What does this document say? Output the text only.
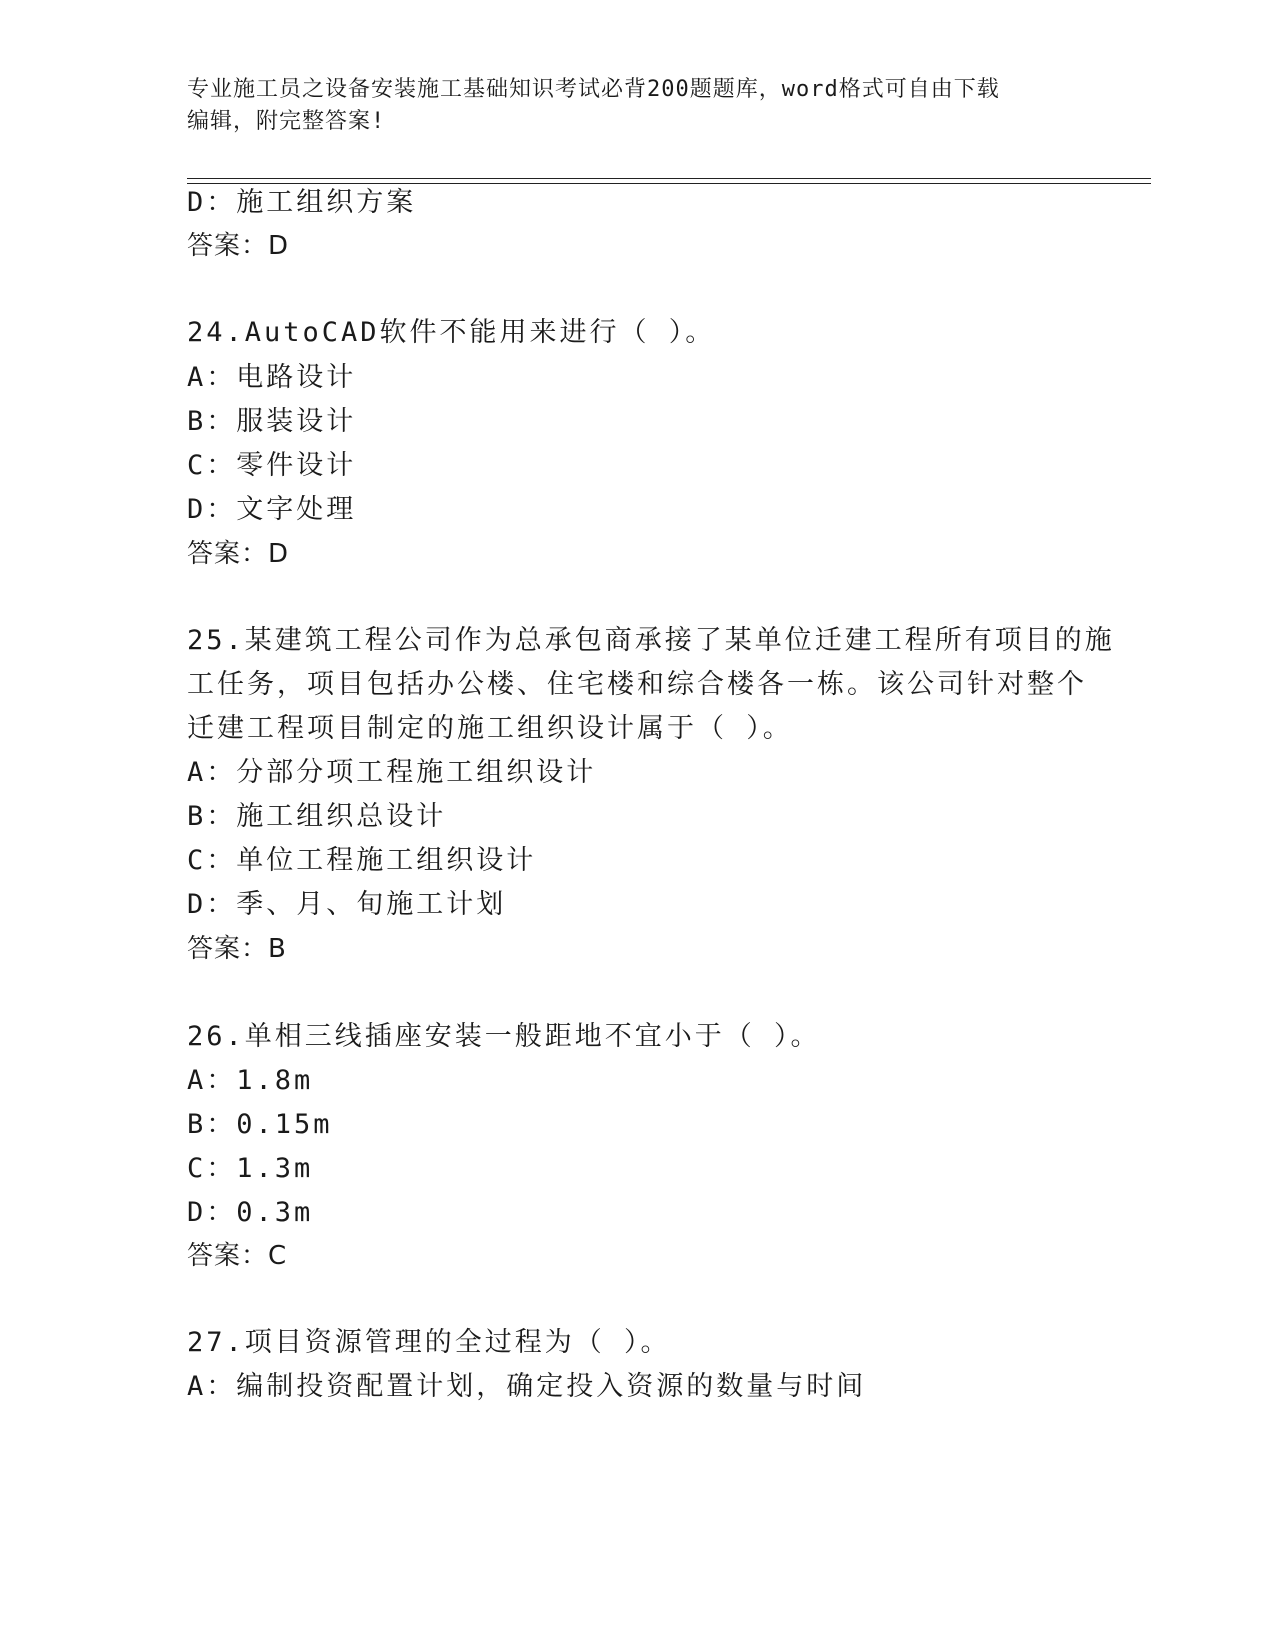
专业施工员之设备安装施工基础知识考试必背200题题库，word格式可自由下载
编辑，附完整答案!
D：施工组织方案
答案：D
24.AutoCAD软件不能用来进行（ ）。
A：电路设计
B：服装设计
C：零件设计
D：文字处理
答案：D
25.某建筑工程公司作为总承包商承接了某单位迁建工程所有项目的施
工任务，项目包括办公楼、住宅楼和综合楼各一栋。该公司针对整个
迁建工程项目制定的施工组织设计属于（ ）。
A：分部分项工程施工组织设计
B：施工组织总设计
C：单位工程施工组织设计
D：季、月、旬施工计划
答案：B
26.单相三线插座安装一般距地不宜小于（ ）。
A：1.8m
B：0.15m
C：1.3m
D：0.3m
答案：C
27.项目资源管理的全过程为（ ）。
A：编制投资配置计划，确定投入资源的数量与时间
